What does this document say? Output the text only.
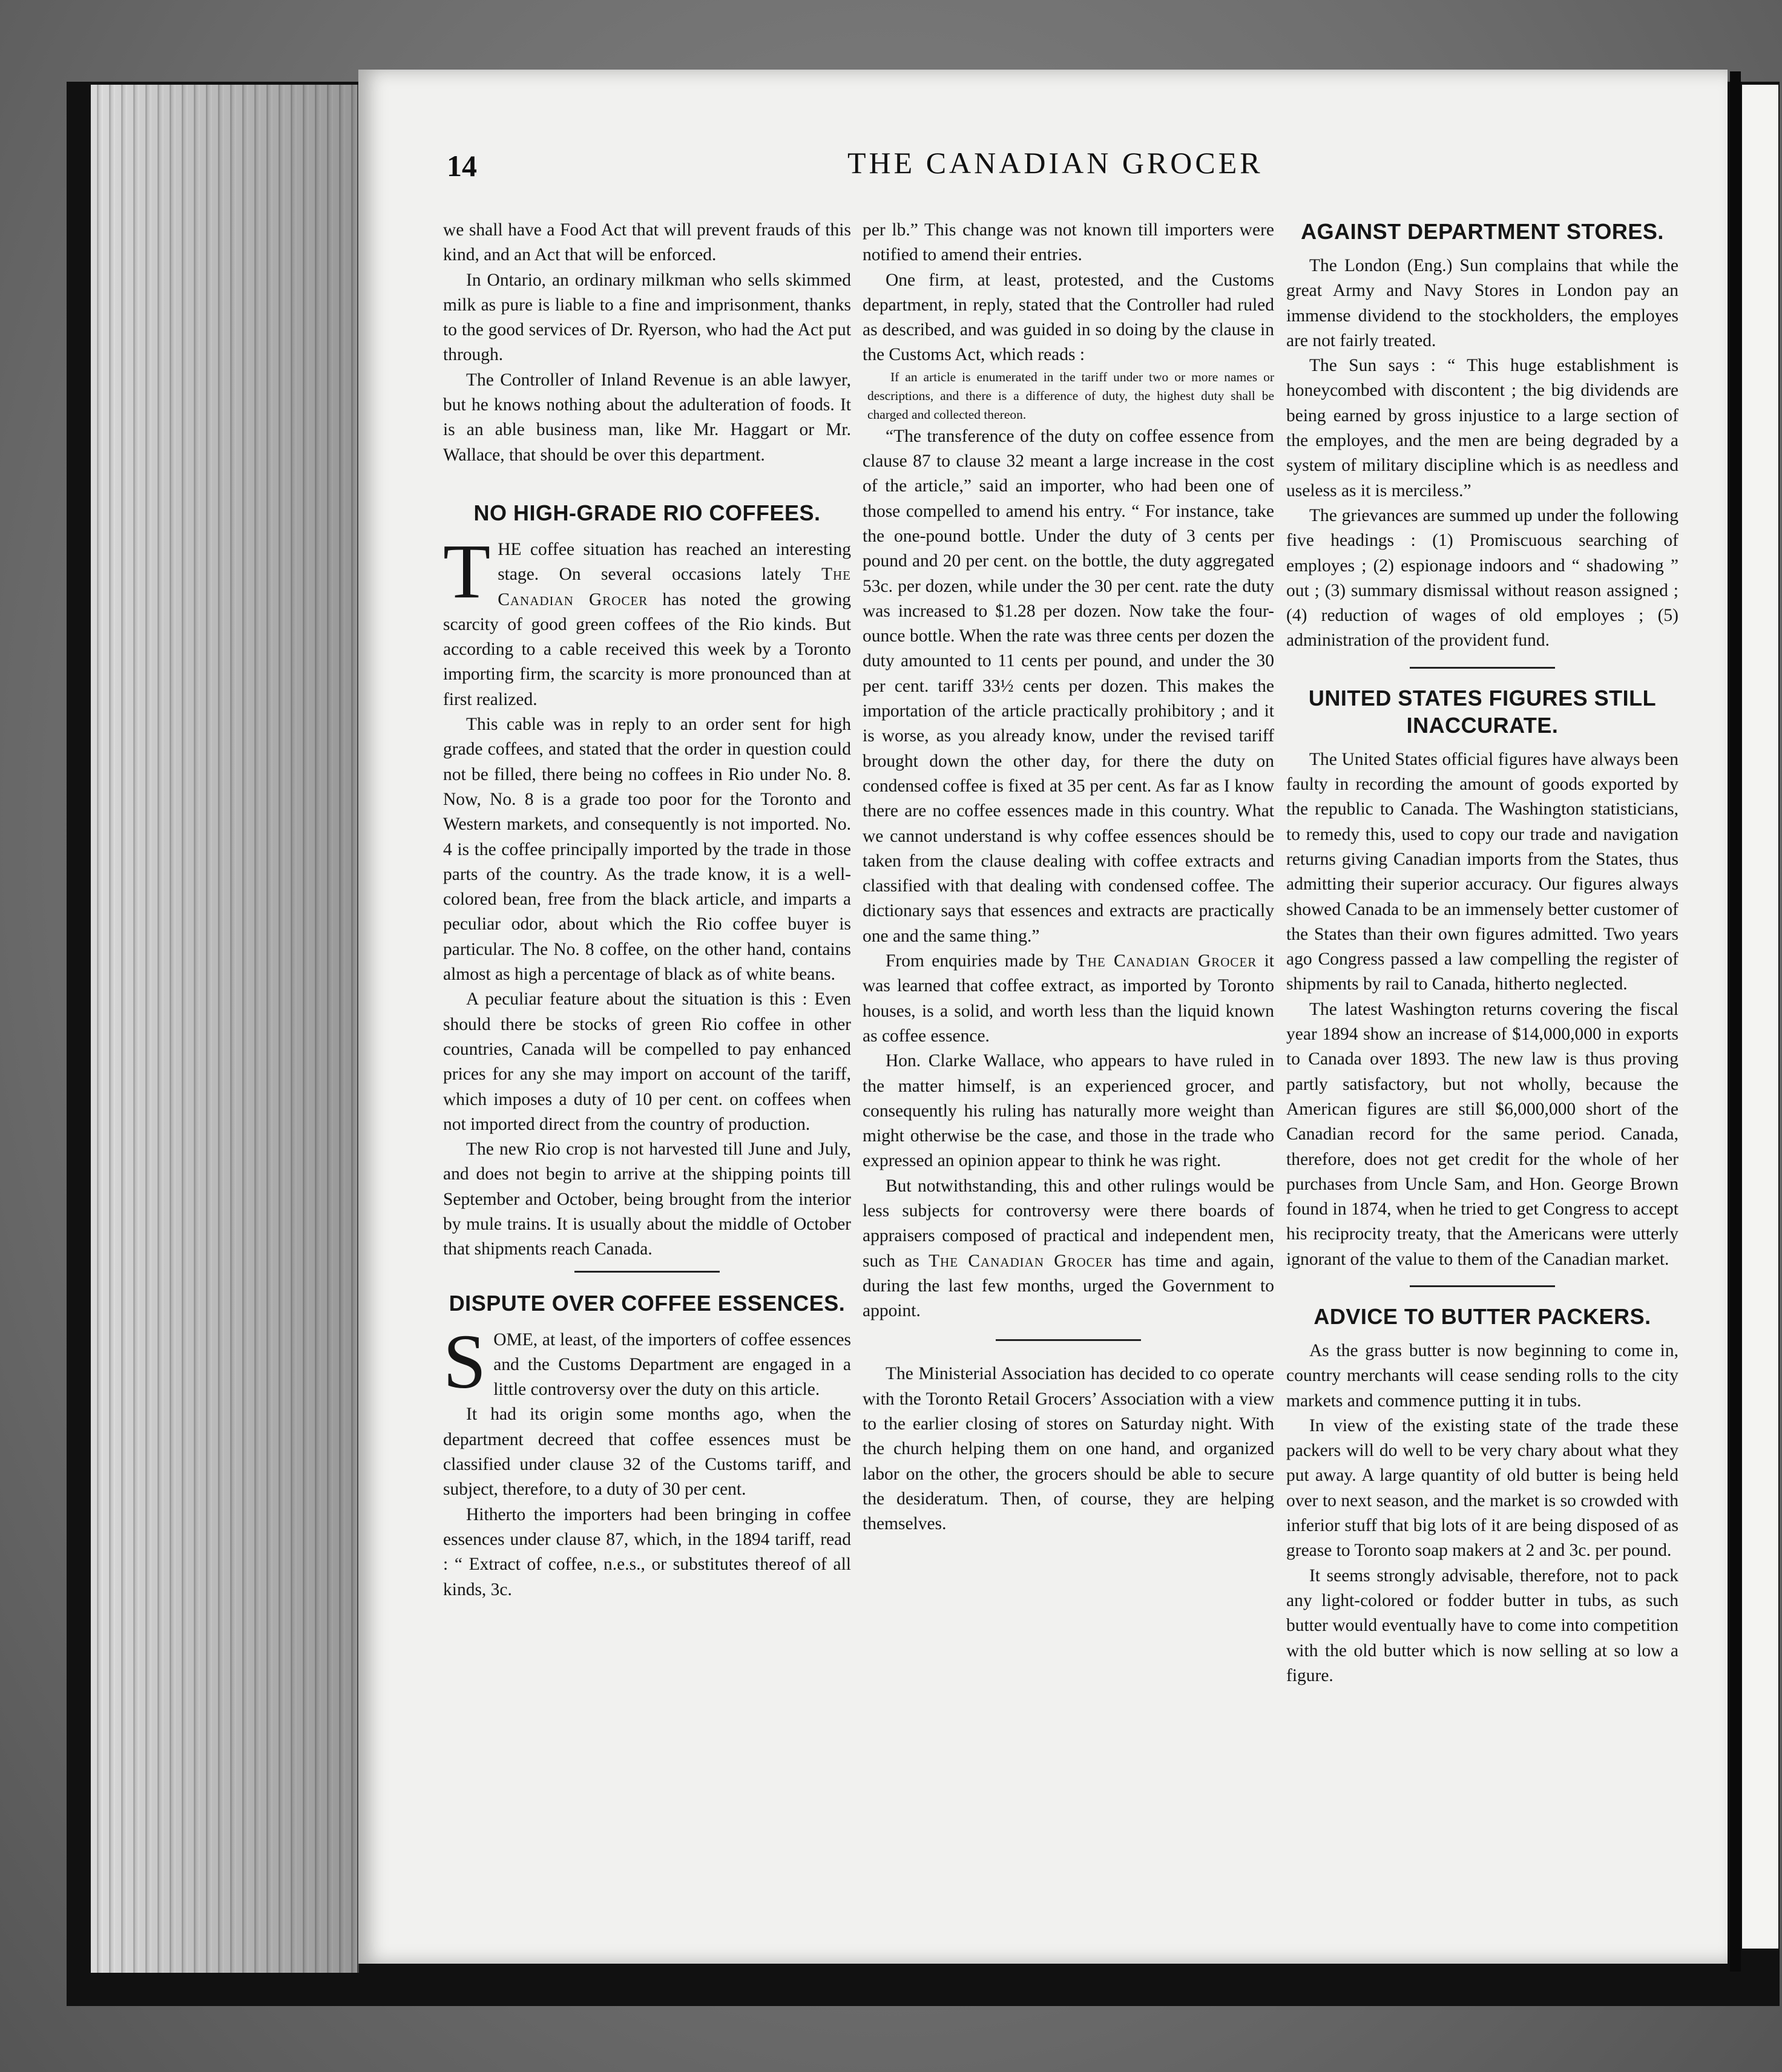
14	THE CANADIAN GROCER

we shall have a Food Act that will prevent frauds of this kind, and an Act that will be enforced.

In Ontario, an ordinary milkman who sells skimmed milk as pure is liable to a fine and imprisonment, thanks to the good services of Dr. Ryerson, who had the Act put through.

The Controller of Inland Revenue is an able lawyer, but he knows nothing about the adulteration of foods. It is an able business man, like Mr. Haggart or Mr. Wallace, that should be over this department.

NO HIGH-GRADE RIO COFFEES.

THE coffee situation has reached an interesting stage. On several occasions lately The Canadian Grocer has noted the growing scarcity of good green coffees of the Rio kinds. But according to a cable received this week by a Toronto importing firm, the scarcity is more pronounced than at first realized.

This cable was in reply to an order sent for high grade coffees, and stated that the order in question could not be filled, there being no coffees in Rio under No. 8. Now, No. 8 is a grade too poor for the Toronto and Western markets, and consequently is not imported. No. 4 is the coffee principally imported by the trade in those parts of the country. As the trade know, it is a well-colored bean, free from the black article, and imparts a peculiar odor, about which the Rio coffee buyer is particular. The No. 8 coffee, on the other hand, contains almost as high a percentage of black as of white beans.

A peculiar feature about the situation is this : Even should there be stocks of green Rio coffee in other countries, Canada will be compelled to pay enhanced prices for any she may import on account of the tariff, which imposes a duty of 10 per cent. on coffees when not imported direct from the country of production.

The new Rio crop is not harvested till June and July, and does not begin to arrive at the shipping points till September and October, being brought from the interior by mule trains. It is usually about the middle of October that shipments reach Canada.

DISPUTE OVER COFFEE ESSENCES.

SOME, at least, of the importers of coffee essences and the Customs Department are engaged in a little controversy over the duty on this article.

It had its origin some months ago, when the department decreed that coffee essences must be classified under clause 32 of the Customs tariff, and subject, therefore, to a duty of 30 per cent.

Hitherto the importers had been bringing in coffee essences under clause 87, which, in the 1894 tariff, read : “ Extract of coffee, n.e.s., or substitutes thereof of all kinds, 3c.

per lb.” This change was not known till importers were notified to amend their entries.

One firm, at least, protested, and the Customs department, in reply, stated that the Controller had ruled as described, and was guided in so doing by the clause in the Customs Act, which reads :

If an article is enumerated in the tariff under two or more names or descriptions, and there is a difference of duty, the highest duty shall be charged and collected thereon.

“The transference of the duty on coffee essence from clause 87 to clause 32 meant a large increase in the cost of the article,” said an importer, who had been one of those compelled to amend his entry. “ For instance, take the one-pound bottle. Under the duty of 3 cents per pound and 20 per cent. on the bottle, the duty aggregated 53c. per dozen, while under the 30 per cent. rate the duty was increased to $1.28 per dozen. Now take the four-ounce bottle. When the rate was three cents per dozen the duty amounted to 11 cents per pound, and under the 30 per cent. tariff 33½ cents per dozen. This makes the importation of the article practically prohibitory ; and it is worse, as you already know, under the revised tariff brought down the other day, for there the duty on condensed coffee is fixed at 35 per cent. As far as I know there are no coffee essences made in this country. What we cannot understand is why coffee essences should be taken from the clause dealing with coffee extracts and classified with that dealing with condensed coffee. The dictionary says that essences and extracts are practically one and the same thing.”

From enquiries made by The Canadian Grocer it was learned that coffee extract, as imported by Toronto houses, is a solid, and worth less than the liquid known as coffee essence.

Hon. Clarke Wallace, who appears to have ruled in the matter himself, is an experienced grocer, and consequently his ruling has naturally more weight than might otherwise be the case, and those in the trade who expressed an opinion appear to think he was right.

But notwithstanding, this and other rulings would be less subjects for controversy were there boards of appraisers composed of practical and independent men, such as The Canadian Grocer has time and again, during the last few months, urged the Government to appoint.

The Ministerial Association has decided to co operate with the Toronto Retail Grocers’ Association with a view to the earlier closing of stores on Saturday night. With the church helping them on one hand, and organized labor on the other, the grocers should be able to secure the desideratum. Then, of course, they are helping themselves.

AGAINST DEPARTMENT STORES.

The London (Eng.) Sun complains that while the great Army and Navy Stores in London pay an immense dividend to the stockholders, the employes are not fairly treated.

The Sun says : “ This huge establishment is honeycombed with discontent ; the big dividends are being earned by gross injustice to a large section of the employes, and the men are being degraded by a system of military discipline which is as needless and useless as it is merciless.”

The grievances are summed up under the following five headings : (1) Promiscuous searching of employes ; (2) espionage indoors and “ shadowing ” out ; (3) summary dismissal without reason assigned ; (4) reduction of wages of old employes ; (5) administration of the provident fund.

UNITED STATES FIGURES STILL
INACCURATE.

The United States official figures have always been faulty in recording the amount of goods exported by the republic to Canada. The Washington statisticians, to remedy this, used to copy our trade and navigation returns giving Canadian imports from the States, thus admitting their superior accuracy. Our figures always showed Canada to be an immensely better customer of the States than their own figures admitted. Two years ago Congress passed a law compelling the register of shipments by rail to Canada, hitherto neglected.

The latest Washington returns covering the fiscal year 1894 show an increase of $14,000,000 in exports to Canada over 1893. The new law is thus proving partly satisfactory, but not wholly, because the American figures are still $6,000,000 short of the Canadian record for the same period. Canada, therefore, does not get credit for the whole of her purchases from Uncle Sam, and Hon. George Brown found in 1874, when he tried to get Congress to accept his reciprocity treaty, that the Americans were utterly ignorant of the value to them of the Canadian market.

ADVICE TO BUTTER PACKERS.

As the grass butter is now beginning to come in, country merchants will cease sending rolls to the city markets and commence putting it in tubs.

In view of the existing state of the trade these packers will do well to be very chary about what they put away. A large quantity of old butter is being held over to next season, and the market is so crowded with inferior stuff that big lots of it are being disposed of as grease to Toronto soap makers at 2 and 3c. per pound.

It seems strongly advisable, therefore, not to pack any light-colored or fodder butter in tubs, as such butter would eventually have to come into competition with the old butter which is now selling at so low a figure.
